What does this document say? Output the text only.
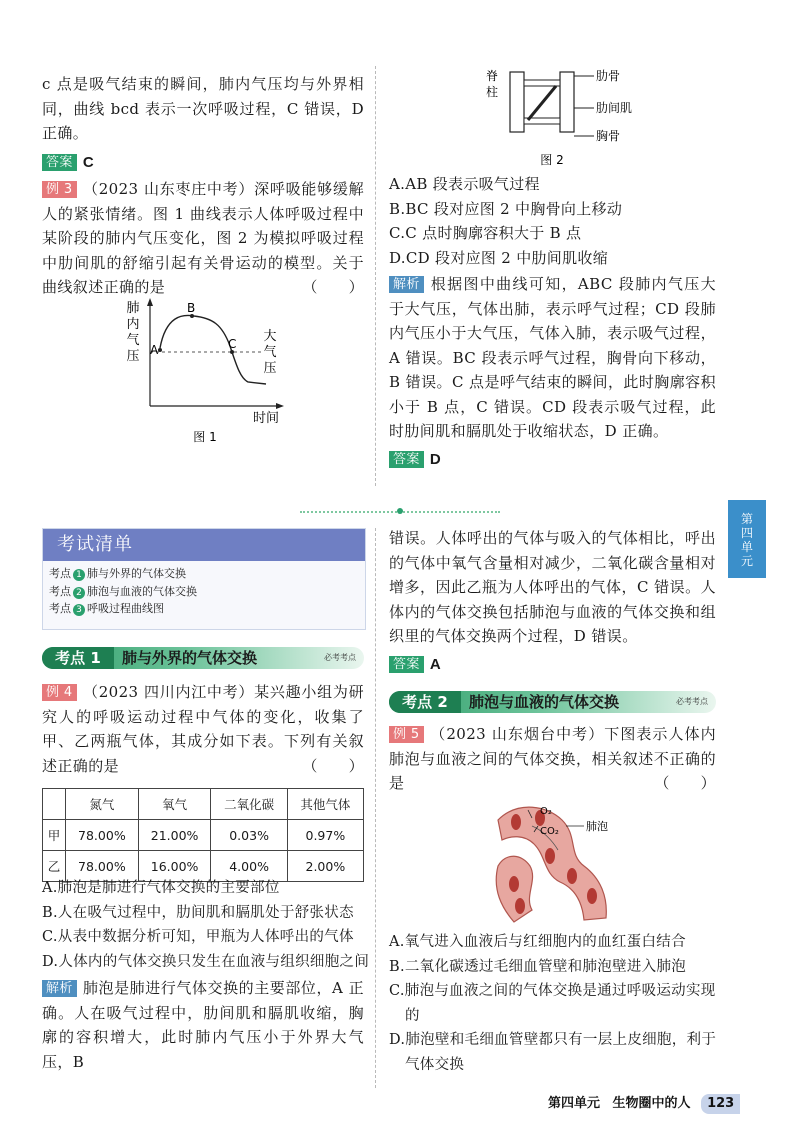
c 点是吸气结束的瞬间，肺内气压均与外界相同，曲线 bcd 表示一次呼吸过程，C 错误，D 正确。

答案 C

例 3 （2023 山东枣庄中考）深呼吸能够缓解人的紧张情绪。图 1 曲线表示人体呼吸过程中某阶段的肺内气压变化，图 2 为模拟呼吸过程中肋间肌的舒缩引起有关骨运动的模型。关于曲线叙述正确的是	（　　）

肺
内
气
压 A
B
C 大
气
压
时间
图 1
脊
柱
肋骨
肋间肌
胸骨
图 2

A.AB 段表示吸气过程

B.BC 段对应图 2 中胸骨向上移动

C.C 点时胸廓容积大于 B 点

D.CD 段对应图 2 中肋间肌收缩

解析 根据图中曲线可知，ABC 段肺内气压大于大气压，气体出肺，表示呼气过程；CD 段肺内气压小于大气压，气体入肺，表示吸气过程，A 错误。BC 段表示呼气过程，胸骨向下移动，B 错误。C 点是呼气结束的瞬间，此时胸廓容积小于 B 点，C 错误。CD 段表示吸气过程，此时肋间肌和膈肌处于收缩状态，D 正确。

答案 D

考试清单
考点 1 肺与外界的气体交换
考点 2 肺泡与血液的气体交换
考点 3 呼吸过程曲线图
考点 1	肺与外界的气体交换	必考考点

例 4 （2023 四川内江中考）某兴趣小组为研究人的呼吸运动过程中气体的变化，收集了甲、乙两瓶气体，其成分如下表。下列有关叙述正确的是	（　　）

	氮气	氧气	二氧化碳	其他气体
甲	78.00%	21.00%	0.03%	0.97%
乙	78.00%	16.00%	4.00%	2.00%

A.肺泡是肺进行气体交换的主要部位

B.人在吸气过程中，肋间肌和膈肌处于舒张状态

C.从表中数据分析可知，甲瓶为人体呼出的气体

D.人体内的气体交换只发生在血液与组织细胞之间

解析 肺泡是肺进行气体交换的主要部位，A 正确。人在吸气过程中，肋间肌和膈肌收缩，胸廓的容积增大，此时肺内气压小于外界大气压，B

错误。人体呼出的气体与吸入的气体相比，呼出的气体中氧气含量相对减少，二氧化碳含量相对增多，因此乙瓶为人体呼出的气体，C 错误。人体内的气体交换包括肺泡与血液的气体交换和组织里的气体交换两个过程，D 错误。

答案 A

考点 2	肺泡与血液的气体交换	必考考点

例 5 （2023 山东烟台中考）下图表示人体内肺泡与血液之间的气体交换，相关叙述不正确的是	（　　）

O₂
CO₂ 肺泡

A.氧气进入血液后与红细胞内的血红蛋白结合

B.二氧化碳透过毛细血管壁和肺泡壁进入肺泡

C.肺泡与血液之间的气体交换是通过呼吸运动实现的

D.肺泡壁和毛细血管壁都只有一层上皮细胞，利于气体交换

第
四
单
元
第四单元 生物圈中的人 123
